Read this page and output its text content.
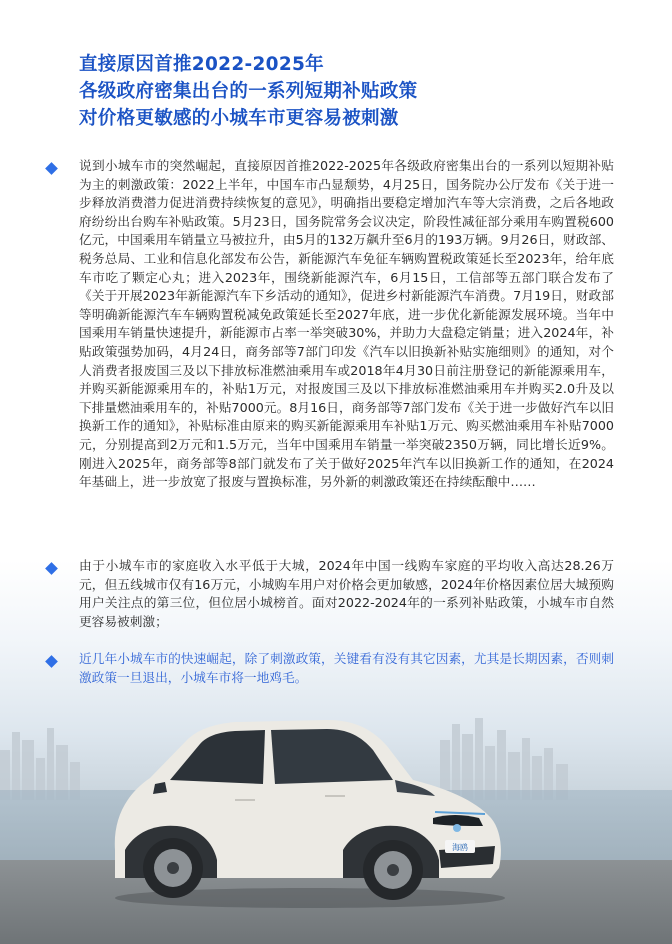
直接原因首推2022-2025年
各级政府密集出台的一系列短期补贴政策
对价格更敏感的小城车市更容易被刺激
说到小城车市的突然崛起，直接原因首推2022-2025年各级政府密集出台的一系列以短期补贴为主的刺激政策：2022上半年，中国车市凸显颓势，4月25日，国务院办公厅发布《关于进一步释放消费潜力促进消费持续恢复的意见》，明确指出要稳定增加汽车等大宗消费，之后各地政府纷纷出台购车补贴政策。5月23日，国务院常务会议决定，阶段性减征部分乘用车购置税600亿元，中国乘用车销量立马被拉升，由5月的132万飙升至6月的193万辆。9月26日，财政部、税务总局、工业和信息化部发布公告，新能源汽车免征车辆购置税政策延长至2023年，给年底车市吃了颗定心丸；进入2023年，围绕新能源汽车，6月15日，工信部等五部门联合发布了《关于开展2023年新能源汽车下乡活动的通知》，促进乡村新能源汽车消费。7月19日，财政部等明确新能源汽车车辆购置税减免政策延长至2027年底，进一步优化新能源发展环境。当年中国乘用车销量快速提升，新能源市占率一举突破30%，并助力大盘稳定销量；进入2024年，补贴政策强势加码，4月24日，商务部等7部门印发《汽车以旧换新补贴实施细则》的通知，对个人消费者报废国三及以下排放标准燃油乘用车或2018年4月30日前注册登记的新能源乘用车，并购买新能源乘用车的，补贴1万元，对报废国三及以下排放标准燃油乘用车并购买2.0升及以下排量燃油乘用车的，补贴7000元。8月16日，商务部等7部门发布《关于进一步做好汽车以旧换新工作的通知》，补贴标准由原来的购买新能源乘用车补贴1万元、购买燃油乘用车补贴7000元，分别提高到2万元和1.5万元，当年中国乘用车销量一举突破2350万辆，同比增长近9%。刚进入2025年，商务部等8部门就发布了关于做好2025年汽车以旧换新工作的通知，在2024年基础上，进一步放宽了报废与置换标准，另外新的刺激政策还在持续酝酿中……
由于小城车市的家庭收入水平低于大城，2024年中国一线购车家庭的平均收入高达28.26万元，但五线城市仅有16万元，小城购车用户对价格会更加敏感，2024年价格因素位居大城预购用户关注点的第三位，但位居小城榜首。面对2022-2024年的一系列补贴政策，小城车市自然更容易被刺激；
近几年小城车市的快速崛起，除了刺激政策，关键看有没有其它因素，尤其是长期因素，否则刺激政策一旦退出，小城车市将一地鸡毛。
海鸥
